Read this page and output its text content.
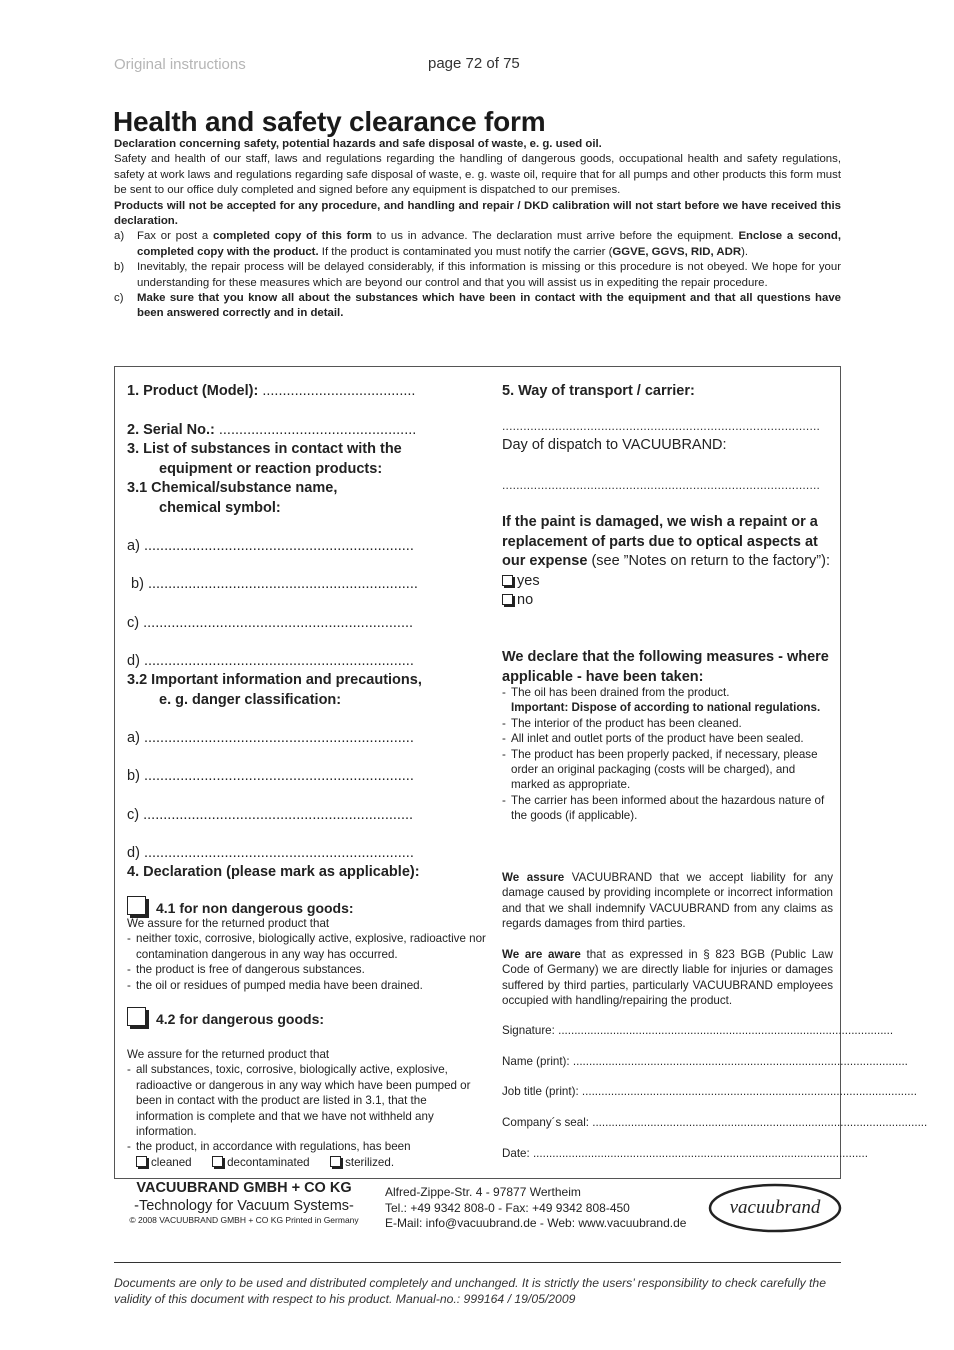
Original instructions	page 72 of 75
Health and safety clearance form

Declaration concerning safety, potential hazards and safe disposal of waste, e. g. used oil.

Safety and health of our staff, laws and regulations regarding the handling of dangerous goods, occupational health and safety regulations, safety at work laws and regulations regarding safe disposal of waste, e. g. waste oil, require that for all pumps and other products this form must be sent to our office duly completed and signed before any equipment is dispatched to our premises.

Products will not be accepted for any procedure, and handling and repair / DKD calibration will not start before we have received this declaration.

a)	Fax or post a completed copy of this form to us in advance. The declaration must arrive before the equipment. Enclose a second, completed copy with the product. If the product is contaminated you must notify the carrier (GGVE, GGVS, RID, ADR).
b)	Inevitably, the repair process will be delayed considerably, if this information is missing or this procedure is not obeyed. We hope for your understanding for these measures which are beyond our control and that you will assist us in expediting the repair procedure.
c)	Make sure that you know all about the substances which have been in contact with the equipment and that all questions have been answered correctly and in detail.
1. Product (Model): ......................................
2. Serial No.: .................................................
3. List of substances in contact with the
equipment or reaction products:
3.1 Chemical/substance name,
chemical symbol:
a) ...................................................................
b) ...................................................................
c) ...................................................................
d) ...................................................................
3.2 Important information and precautions,
e. g. danger classification:
a) ...................................................................
b) ...................................................................
c) ...................................................................
d) ...................................................................
4. Declaration (please mark as applicable):
4.1 for non dangerous goods:

We assure for the returned product that

- neither toxic, corrosive, biologically active, explosive, radioactive nor contamination dangerous in any way has occurred.
- the product is free of dangerous substances.
- the oil or residues of pumped media have been drained.
4.2 for dangerous goods:

We assure for the returned product that

- all substances, toxic, corrosive, biologically active, explosive, radioactive or dangerous in any way which have been pumped or been in contact with the product are listed in 3.1, that the information is complete and that we have not withheld any information.
- the product, in accordance with regulations, has been
cleaned	decontaminated	sterilized.
5. Way of transport / carrier:
..........................................................................................
Day of dispatch to VACUUBRAND:
..........................................................................................
If the paint is damaged, we wish a repaint or a replacement of parts due to optical aspects at our expense (see ”Notes on return to the factory”):
yes
no
We declare that the following measures - where applicable - have been taken:
- The oil has been drained from the product.
Important: Dispose of according to national regulations.
- The interior of the product has been cleaned.
- All inlet and outlet ports of the product have been sealed.
- The product has been properly packed, if necessary, please order an original packaging (costs will be charged), and marked as appropriate.
- The carrier has been informed about the hazardous nature of the goods (if applicable).
We assure VACUUBRAND that we accept liability for any damage caused by providing incomplete or incorrect information and that we shall indemnify VACUUBRAND from any claims as regards damages from third parties.
We are aware that as expressed in § 823 BGB (Public Law Code of Germany) we are directly liable for injuries or damages suffered by third parties, particularly VACUUBRAND employees occupied with handling/repairing the product.
Signature: ........................................................................................................
Name (print): ........................................................................................................
Job title (print): ........................................................................................................
Company´s seal: ........................................................................................................
Date: ........................................................................................................
VACUUBRAND GMBH + CO KG
-Technology for Vacuum Systems-
© 2008 VACUUBRAND GMBH + CO KG Printed in Germany
Alfred-Zippe-Str. 4 - 97877 Wertheim
Tel.: +49 9342 808-0 - Fax: +49 9342 808-450
E-Mail: info@vacuubrand.de - Web: www.vacuubrand.de
vacuubrand
Documents are only to be used and distributed completely and unchanged. It is strictly the users’ responsibility to check carefully the validity of this document with respect to his product. Manual-no.: 999164 / 19/05/2009
